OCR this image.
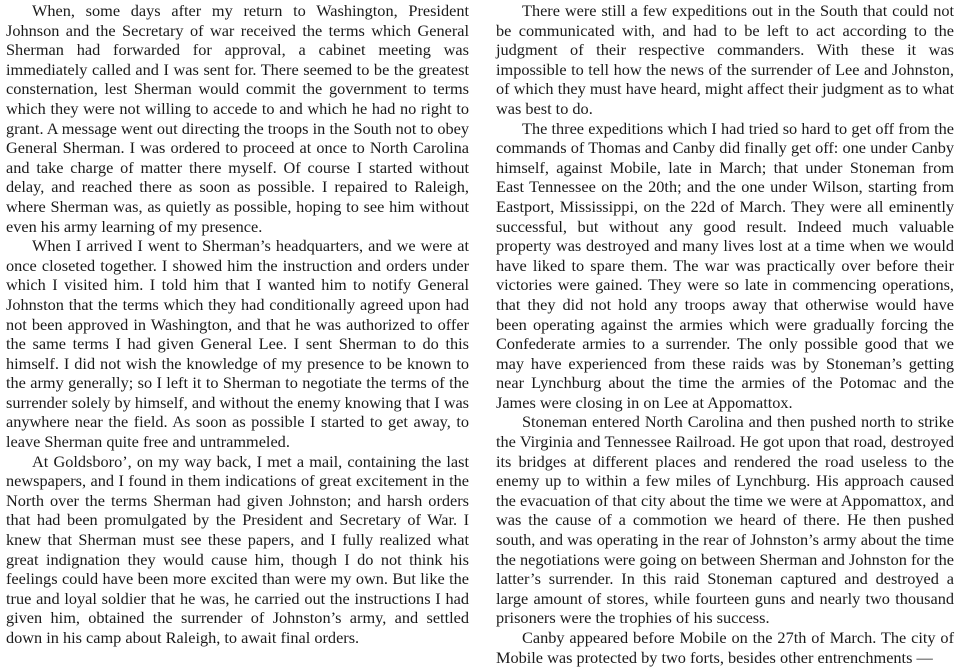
When, some days after my return to Washington, President Johnson and the Secretary of war received the terms which General Sherman had forwarded for approval, a cabinet meeting was immediately called and I was sent for. There seemed to be the greatest consternation, lest Sherman would commit the government to terms which they were not willing to accede to and which he had no right to grant. A message went out directing the troops in the South not to obey General Sherman. I was ordered to proceed at once to North Carolina and take charge of matter there myself. Of course I started without delay, and reached there as soon as possible. I repaired to Raleigh, where Sherman was, as quietly as possible, hoping to see him without even his army learning of my presence.

When I arrived I went to Sherman’s headquarters, and we were at once closeted together. I showed him the instruction and orders under which I visited him. I told him that I wanted him to notify General Johnston that the terms which they had conditionally agreed upon had not been approved in Washington, and that he was authorized to offer the same terms I had given General Lee. I sent Sherman to do this himself. I did not wish the knowledge of my presence to be known to the army generally; so I left it to Sherman to negotiate the terms of the surrender solely by himself, and without the enemy knowing that I was anywhere near the field. As soon as possible I started to get away, to leave Sherman quite free and untrammeled.

At Goldsboro’, on my way back, I met a mail, containing the last newspapers, and I found in them indications of great excitement in the North over the terms Sherman had given Johnston; and harsh orders that had been promulgated by the President and Secretary of War. I knew that Sherman must see these papers, and I fully realized what great indignation they would cause him, though I do not think his feelings could have been more excited than were my own. But like the true and loyal soldier that he was, he carried out the instructions I had given him, obtained the surrender of Johnston’s army, and settled down in his camp about Raleigh, to await final orders.

There were still a few expeditions out in the South that could not be communicated with, and had to be left to act according to the judgment of their respective commanders. With these it was impossible to tell how the news of the surrender of Lee and Johnston, of which they must have heard, might affect their judgment as to what was best to do.

The three expeditions which I had tried so hard to get off from the commands of Thomas and Canby did finally get off: one under Canby himself, against Mobile, late in March; that under Stoneman from East Tennessee on the 20th; and the one under Wilson, starting from Eastport, Mississippi, on the 22d of March. They were all eminently successful, but without any good result. Indeed much valuable property was destroyed and many lives lost at a time when we would have liked to spare them. The war was practically over before their victories were gained. They were so late in commencing operations, that they did not hold any troops away that otherwise would have been operating against the armies which were gradually forcing the Confederate armies to a surrender. The only possible good that we may have experienced from these raids was by Stoneman’s getting near Lynchburg about the time the armies of the Potomac and the James were closing in on Lee at Appomattox.

Stoneman entered North Carolina and then pushed north to strike the Virginia and Tennessee Railroad. He got upon that road, destroyed its bridges at different places and rendered the road useless to the enemy up to within a few miles of Lynchburg. His approach caused the evacuation of that city about the time we were at Appomattox, and was the cause of a commotion we heard of there. He then pushed south, and was operating in the rear of Johnston’s army about the time the negotiations were going on between Sherman and Johnston for the latter’s surrender. In this raid Stoneman captured and destroyed a large amount of stores, while fourteen guns and nearly two thousand prisoners were the trophies of his success.

Canby appeared before Mobile on the 27th of March. The city of Mobile was protected by two forts, besides other entrenchments —
